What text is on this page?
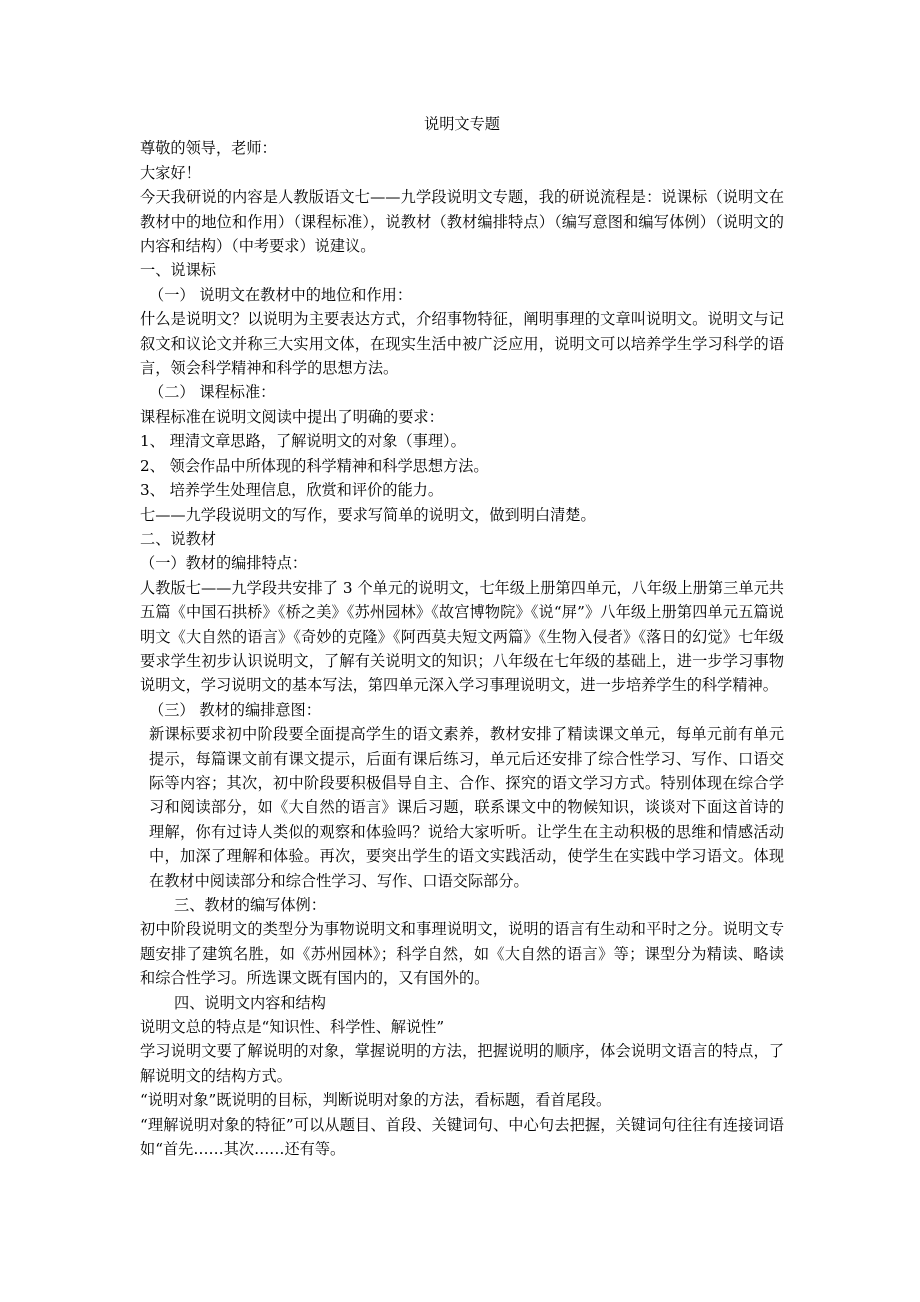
说明文专题

尊敬的领导，老师：

大家好！

今天我研说的内容是人教版语文七——九学段说明文专题，我的研说流程是：说课标（说明文在教材中的地位和作用）（课程标准），说教材（教材编排特点）（编写意图和编写体例）（说明文的内容和结构）（中考要求）说建议。

一、说课标

（一） 说明文在教材中的地位和作用：

什么是说明文？以说明为主要表达方式，介绍事物特征，阐明事理的文章叫说明文。说明文与记叙文和议论文并称三大实用文体，在现实生活中被广泛应用，说明文可以培养学生学习科学的语言，领会科学精神和科学的思想方法。

（二） 课程标准：

课程标准在说明文阅读中提出了明确的要求：

1、 理清文章思路，了解说明文的对象（事理）。

2、 领会作品中所体现的科学精神和科学思想方法。

3、 培养学生处理信息，欣赏和评价的能力。

七——九学段说明文的写作，要求写简单的说明文，做到明白清楚。

二、说教材

（一）教材的编排特点：

人教版七——九学段共安排了 3 个单元的说明文，七年级上册第四单元，八年级上册第三单元共五篇《中国石拱桥》《桥之美》《苏州园林》《故宫博物院》《说“屏”》八年级上册第四单元五篇说明文《大自然的语言》《奇妙的克隆》《阿西莫夫短文两篇》《生物入侵者》《落日的幻觉》七年级要求学生初步认识说明文，了解有关说明文的知识；八年级在七年级的基础上，进一步学习事物说明文，学习说明文的基本写法，第四单元深入学习事理说明文，进一步培养学生的科学精神。

（三） 教材的编排意图：

新课标要求初中阶段要全面提高学生的语文素养，教材安排了精读课文单元，每单元前有单元提示，每篇课文前有课文提示，后面有课后练习，单元后还安排了综合性学习、写作、口语交际等内容；其次，初中阶段要积极倡导自主、合作、探究的语文学习方式。特别体现在综合学习和阅读部分，如《大自然的语言》课后习题，联系课文中的物候知识，谈谈对下面这首诗的理解，你有过诗人类似的观察和体验吗？说给大家听听。让学生在主动积极的思维和情感活动中，加深了理解和体验。再次，要突出学生的语文实践活动，使学生在实践中学习语文。体现在教材中阅读部分和综合性学习、写作、口语交际部分。

三、教材的编写体例：

初中阶段说明文的类型分为事物说明文和事理说明文，说明的语言有生动和平时之分。说明文专题安排了建筑名胜，如《苏州园林》；科学自然，如《大自然的语言》等；课型分为精读、略读和综合性学习。所选课文既有国内的，又有国外的。

四、说明文内容和结构

说明文总的特点是“知识性、科学性、解说性”

学习说明文要了解说明的对象，掌握说明的方法，把握说明的顺序，体会说明文语言的特点，了解说明文的结构方式。

“说明对象”既说明的目标，判断说明对象的方法，看标题，看首尾段。

“理解说明对象的特征”可以从题目、首段、关键词句、中心句去把握，关键词句往往有连接词语如“首先……其次……还有等。
